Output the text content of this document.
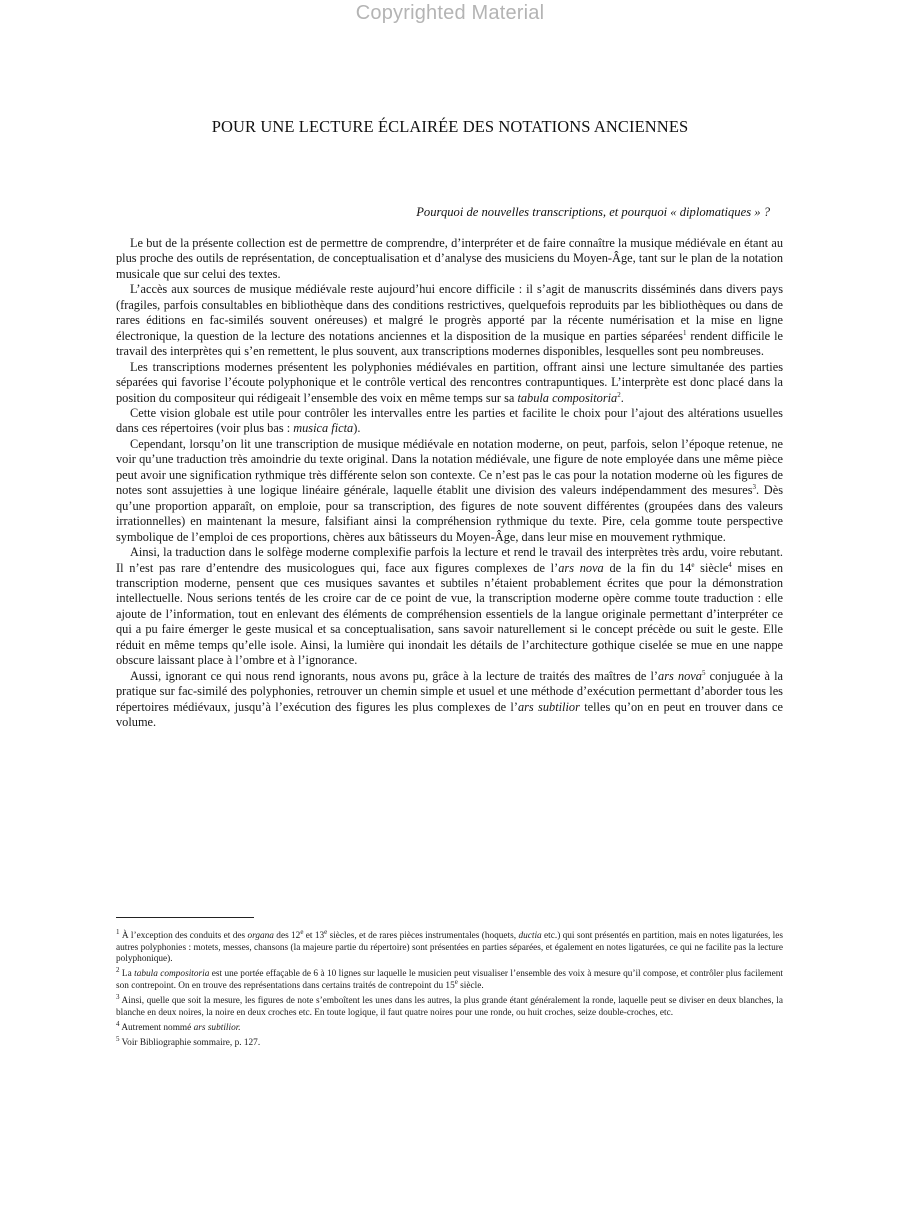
Copyrighted Material
POUR UNE LECTURE ÉCLAIRÉE DES NOTATIONS ANCIENNES
Pourquoi de nouvelles transcriptions, et pourquoi « diplomatiques » ?

Le but de la présente collection est de permettre de comprendre, d’interpréter et de faire connaître la musique médiévale en étant au plus proche des outils de représentation, de conceptualisation et d’analyse des musiciens du Moyen-Âge, tant sur le plan de la notation musicale que sur celui des textes.

L’accès aux sources de musique médiévale reste aujourd’hui encore difficile : il s’agit de manuscrits disséminés dans divers pays (fragiles, parfois consultables en bibliothèque dans des conditions restrictives, quelquefois reproduits par les bibliothèques ou dans de rares éditions en fac-similés souvent onéreuses) et malgré le progrès apporté par la récente numérisation et la mise en ligne électronique, la question de la lecture des notations anciennes et la disposition de la musique en parties séparées$^1$ rendent difficile le travail des interprètes qui s’en remettent, le plus souvent, aux transcriptions modernes disponibles, lesquelles sont peu nombreuses.

Les transcriptions modernes présentent les polyphonies médiévales en partition, offrant ainsi une lecture simultanée des parties séparées qui favorise l’écoute polyphonique et le contrôle vertical des rencontres contrapuntiques. L’interprète est donc placé dans la position du compositeur qui rédigeait l’ensemble des voix en même temps sur sa tabula compositoria$^2$.

Cette vision globale est utile pour contrôler les intervalles entre les parties et facilite le choix pour l’ajout des altérations usuelles dans ces répertoires (voir plus bas : musica ficta).

Cependant, lorsqu’on lit une transcription de musique médiévale en notation moderne, on peut, parfois, selon l’époque retenue, ne voir qu’une traduction très amoindrie du texte original. Dans la notation médiévale, une figure de note employée dans une même pièce peut avoir une signification rythmique très différente selon son contexte. Ce n’est pas le cas pour la notation moderne où les figures de notes sont assujetties à une logique linéaire générale, laquelle établit une division des valeurs indépendamment des mesures$^3$. Dès qu’une proportion apparaît, on emploie, pour sa transcription, des figures de note souvent différentes (groupées dans des valeurs irrationnelles) en maintenant la mesure, falsifiant ainsi la compréhension rythmique du texte. Pire, cela gomme toute perspective symbolique de l’emploi de ces proportions, chères aux bâtisseurs du Moyen-Âge, dans leur mise en mouvement rythmique.

Ainsi, la traduction dans le solfège moderne complexifie parfois la lecture et rend le travail des interprètes très ardu, voire rebutant. Il n’est pas rare d’entendre des musicologues qui, face aux figures complexes de l’ars nova de la fin du 14e siècle$^4$ mises en transcription moderne, pensent que ces musiques savantes et subtiles n’étaient probablement écrites que pour la démonstration intellectuelle. Nous serions tentés de les croire car de ce point de vue, la transcription moderne opère comme toute traduction : elle ajoute de l’information, tout en enlevant des éléments de compréhension essentiels de la langue originale permettant d’interpréter ce qui a pu faire émerger le geste musical et sa conceptualisation, sans savoir naturellement si le concept précède ou suit le geste. Elle réduit en même temps qu’elle isole. Ainsi, la lumière qui inondait les détails de l’architecture gothique ciselée se mue en une nappe obscure laissant place à l’ombre et à l’ignorance.

Aussi, ignorant ce qui nous rend ignorants, nous avons pu, grâce à la lecture de traités des maîtres de l’ars nova$^5$ conjuguée à la pratique sur fac-similé des polyphonies, retrouver un chemin simple et usuel et une méthode d’exécution permettant d’aborder tous les répertoires médiévaux, jusqu’à l’exécution des figures les plus complexes de l’ars subtilior telles qu’on en peut en trouver dans ce volume.

$^1$ À l’exception des conduits et des organa des 12e et 13e siècles, et de rares pièces instrumentales (hoquets, ductia etc.) qui sont présentés en partition, mais en notes ligaturées, les autres polyphonies : motets, messes, chansons (la majeure partie du répertoire) sont présentées en parties séparées, et également en notes ligaturées, ce qui ne facilite pas la lecture polyphonique).

$^2$ La tabula compositoria est une portée effaçable de 6 à 10 lignes sur laquelle le musicien peut visualiser l’ensemble des voix à mesure qu’il compose, et contrôler plus facilement son contrepoint. On en trouve des représentations dans certains traités de contrepoint du 15e siècle.

$^3$ Ainsi, quelle que soit la mesure, les figures de note s’emboîtent les unes dans les autres, la plus grande étant généralement la ronde, laquelle peut se diviser en deux blanches, la blanche en deux noires, la noire en deux croches etc. En toute logique, il faut quatre noires pour une ronde, ou huit croches, seize double-croches, etc.

$^4$ Autrement nommé ars subtilior.

$^5$ Voir Bibliographie sommaire, p. 127.
